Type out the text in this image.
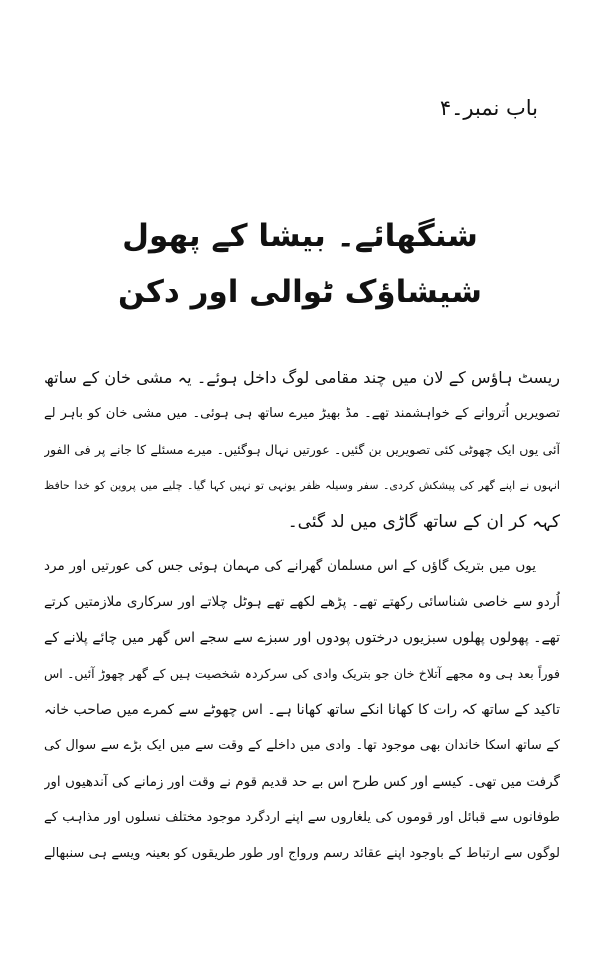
باب نمبر۔۴
شنگھائے۔ بیشا کے پھول
شیشاؤک ٹوالی اور دکن
ریسٹ ہاؤس کے لان میں چند مقامی لوگ داخل ہوئے۔ یہ مشی خان کے ساتھ
تصویریں اُتروانے کے خواہشمند تھے۔ مڈ بھیڑ میرے ساتھ ہی ہوئی۔ میں مشی خان کو باہر لے
آئی یوں ایک چھوٹی کئی تصویریں بن گئیں۔ عورتیں نہال ہوگئیں۔ میرے مسئلے کا جانے پر فی الفور
انہوں نے اپنے گھر کی پیشکش کردی۔ سفر وسیلہ ظفر یونہی تو نہیں کہا گیا۔ چلیے میں پروین کو خدا حافظ
کہہ کر ان کے ساتھ گاڑی میں لد گئی۔
یوں میں بتریک گاؤں کے اس مسلمان گھرانے کی مہمان ہوئی جس کی عورتیں اور مرد
اُردو سے خاصی شناسائی رکھتے تھے۔ پڑھے لکھے تھے ہوٹل چلاتے اور سرکاری ملازمتیں کرتے
تھے۔ پھولوں پھلوں سبزیوں درختوں پودوں اور سبزے سے سجے اس گھر میں چائے پلانے کے
فوراً بعد ہی وہ مجھے آتلاخ خان جو بتریک وادی کی سرکردہ شخصیت ہیں کے گھر چھوڑ آئیں۔ اس
تاکید کے ساتھ کہ رات کا کھانا انکے ساتھ کھانا ہے۔ اس چھوٹے سے کمرے میں صاحب خانہ
کے ساتھ اسکا خاندان بھی موجود تھا۔ وادی میں داخلے کے وقت سے میں ایک بڑے سے سوال کی
گرفت میں تھی۔ کیسے اور کس طرح اس بے حد قدیم قوم نے وقت اور زمانے کی آندھیوں اور
طوفانوں سے قبائل اور قوموں کی یلغاروں سے اپنے اردگرد موجود مختلف نسلوں اور مذاہب کے
لوگوں سے ارتباط کے باوجود اپنے عقائد رسم ورواج اور طور طریقوں کو بعینہ ویسے ہی سنبھالے
